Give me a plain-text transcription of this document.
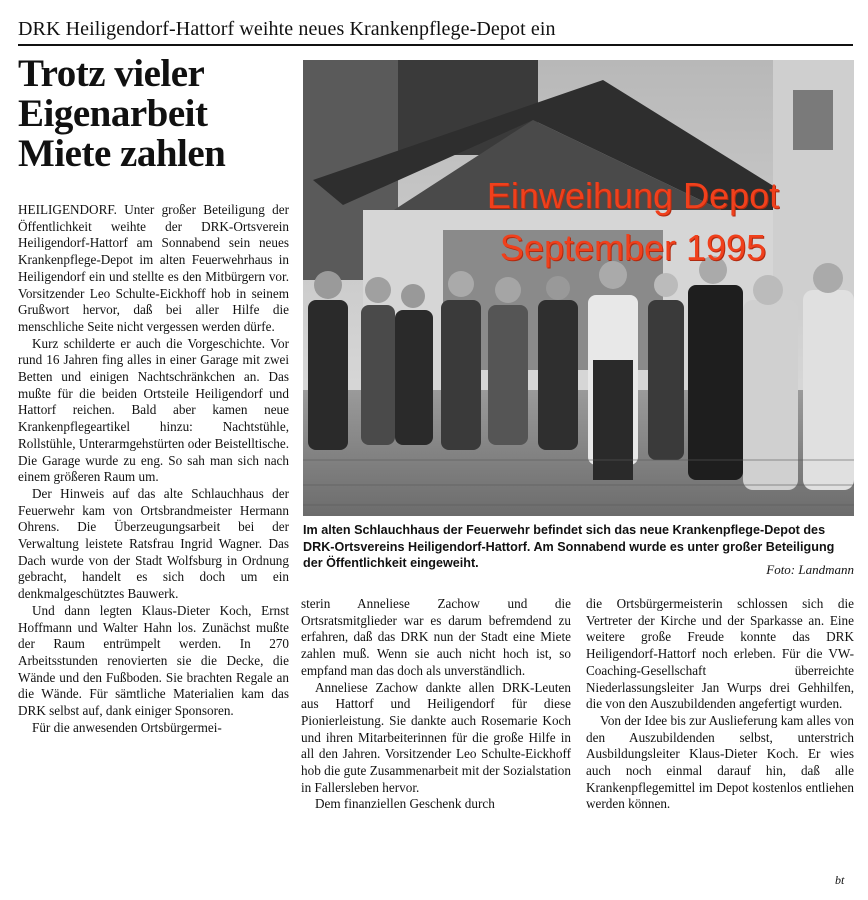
DRK Heiligendorf-Hattorf weihte neues Krankenpflege-Depot ein
Trotz vieler Eigenarbeit Miete zahlen

HEILIGENDORF. Unter großer Beteiligung der Öffentlichkeit weihte der DRK-Ortsverein Heiligendorf-Hattorf am Sonnabend sein neues Krankenpflege-Depot im alten Feuerwehrhaus in Heiligendorf ein und stellte es den Mitbürgern vor. Vorsitzender Leo Schulte-Eickhoff hob in seinem Grußwort hervor, daß bei aller Hilfe die menschliche Seite nicht vergessen werden dürfe.

Kurz schilderte er auch die Vorgeschichte. Vor rund 16 Jahren fing alles in einer Garage mit zwei Betten und einigen Nachtschränkchen an. Das mußte für die beiden Ortsteile Heiligendorf und Hattorf reichen. Bald aber kamen neue Krankenpflegeartikel hinzu: Nachtstühle, Rollstühle, Unterarmgehstürten oder Beistelltische. Die Garage wurde zu eng. So sah man sich nach einem größeren Raum um.

Der Hinweis auf das alte Schlauchhaus der Feuerwehr kam von Ortsbrandmeister Hermann Ohrens. Die Überzeugungsarbeit bei der Verwaltung leistete Ratsfrau Ingrid Wagner. Das Dach wurde von der Stadt Wolfsburg in Ordnung gebracht, handelt es sich doch um ein denkmalgeschütztes Bauwerk.

Und dann legten Klaus-Dieter Koch, Ernst Hoffmann und Walter Hahn los. Zunächst mußte der Raum entrümpelt werden. In 270 Arbeitsstunden renovierten sie die Decke, die Wände und den Fußboden. Sie brachten Regale an die Wände. Für sämtliche Materialien kam das DRK selbst auf, dank einiger Sponsoren.

Für die anwesenden Ortsbürgermei-

Einweihung Depot
September 1995
Im alten Schlauchhaus der Feuerwehr befindet sich das neue Krankenpflege-Depot des DRK-Ortsvereins Heiligendorf-Hattorf. Am Sonnabend wurde es unter großer Beteiligung der Öffentlichkeit eingeweiht.	Foto: Landmann

sterin Anneliese Zachow und die Ortsratsmitglieder war es darum befremdend zu erfahren, daß das DRK nun der Stadt eine Miete zahlen muß. Wenn sie auch nicht hoch ist, so empfand man das doch als unverständlich.

Anneliese Zachow dankte allen DRK-Leuten aus Hattorf und Heiligendorf für diese Pionierleistung. Sie dankte auch Rosemarie Koch und ihren Mitarbeiterinnen für die große Hilfe in all den Jahren. Vorsitzender Leo Schulte-Eickhoff hob die gute Zusammenarbeit mit der Sozialstation in Fallersleben hervor.

Dem finanziellen Geschenk durch

die Ortsbürgermeisterin schlossen sich die Vertreter der Kirche und der Sparkasse an. Eine weitere große Freude konnte das DRK Heiligendorf-Hattorf noch erleben. Für die VW-Coaching-Gesellschaft überreichte Niederlassungsleiter Jan Wurps drei Gehhilfen, die von den Auszubildenden angefertigt wurden.

Von der Idee bis zur Auslieferung kam alles von den Auszubildenden selbst, unterstrich Ausbildungsleiter Klaus-Dieter Koch. Er wies auch noch einmal darauf hin, daß alle Krankenpflegemittel im Depot kostenlos entliehen werden können.

bt
